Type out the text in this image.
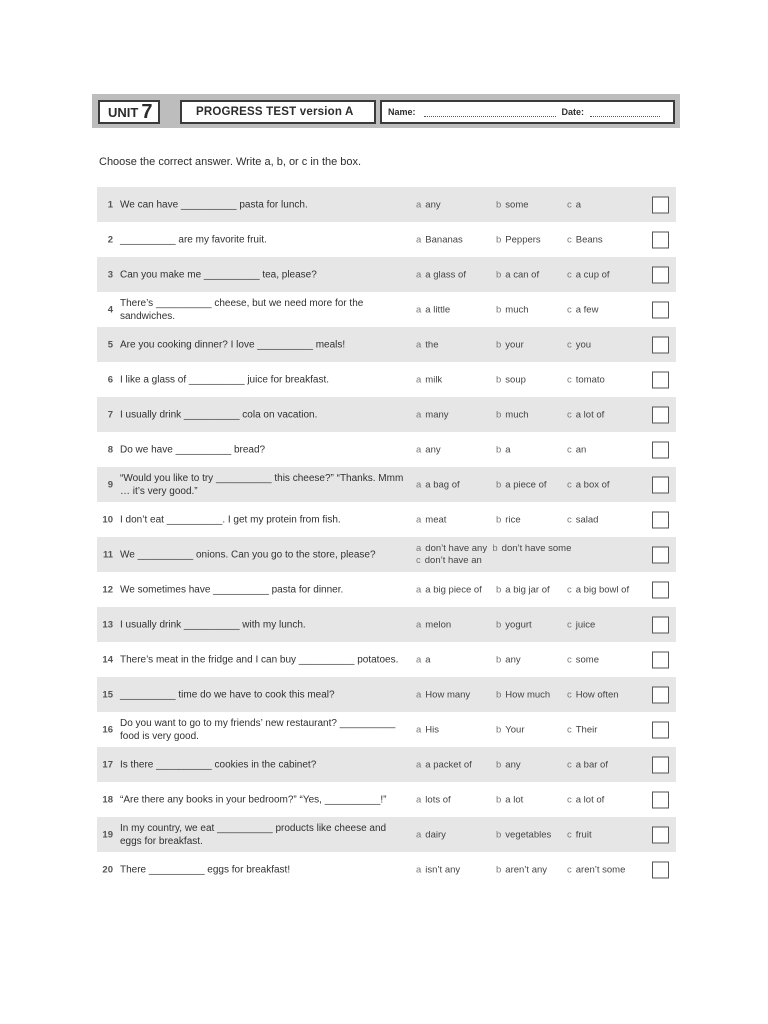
UNIT 7	PROGRESS TEST version A	Name:	Date:
Choose the correct answer. Write a, b, or c in the box.
1 We can have __________ pasta for lunch.	a any	b some	c a
2 __________ are my favorite fruit.	a Bananas	b Peppers	c Beans
3 Can you make me __________ tea, please?	a a glass of	b a can of	c a cup of
4
There’s __________ cheese, but we need more for the sandwiches.
a a little	b much	c a few
5 Are you cooking dinner? I love __________ meals!	a the	b your	c you
6 I like a glass of __________ juice for breakfast.	a milk	b soup	c tomato
7 I usually drink __________ cola on vacation.	a many	b much	c a lot of
8 Do we have __________ bread?	a any	b a	c an
9
“Would you like to try __________ this cheese?” “Thanks. Mmm … it’s very good.”
a a bag of	b a piece of c a box of
10 I don’t eat __________. I get my protein from fish.	a meat	b rice	c salad
11 We __________ onions. Can you go to the store, please?
a don’t have any b don’t have some
c don’t have an
12 We sometimes have __________ pasta for dinner.	a a big piece of b a big jar of c a big bowl of
13 I usually drink __________ with my lunch.	a melon	b yogurt	c juice
14 There’s meat in the fridge and I can buy __________ potatoes.	a a	b any	c some
15 __________ time do we have to cook this meal?	a How many	b How much c How often
16
Do you want to go to my friends’ new restaurant? __________ food is very good.
a His	b Your	c Their
17 Is there __________ cookies in the cabinet?	a a packet of	b any	c a bar of
18 “Are there any books in your bedroom?” “Yes, __________!”	a lots of	b a lot	c a lot of
19
In my country, we eat __________ products like cheese and eggs for breakfast.
a dairy	b vegetables c fruit
20 There __________ eggs for breakfast!	a isn’t any	b aren’t any c aren’t some
